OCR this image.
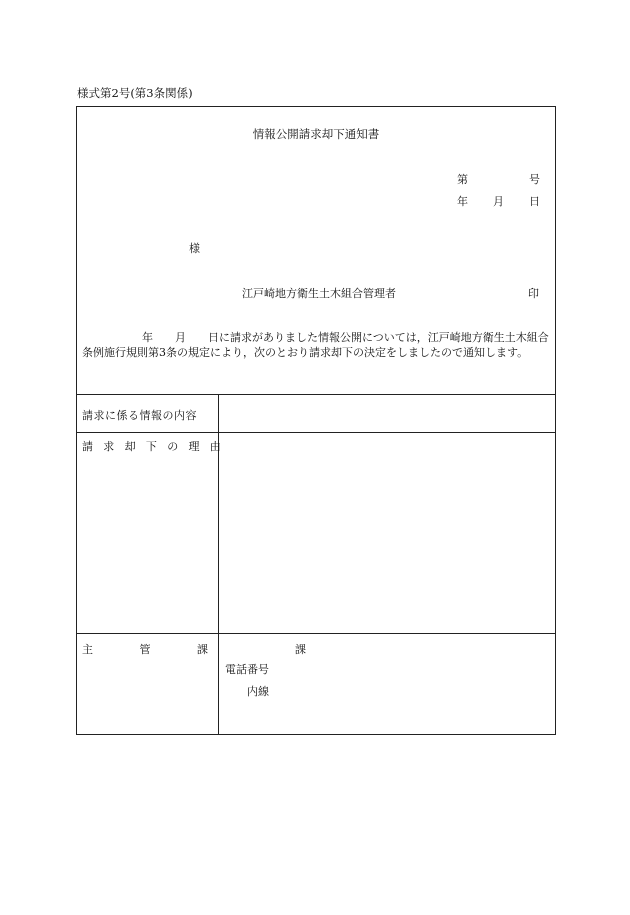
様式第2号(第3条関係)
情報公開請求却下通知書
第	号
年 月 日
様
江戸崎地方衛生土木組合管理者	印
年　　月　　日に請求がありました情報公開については，江戸崎地方衛生土木組合条例施行規則第3条の規定により，次のとおり請求却下の決定をしましたので通知します。
請求に係る情報の内容
請求却下の理由
主管課	課
電話番号
内線
